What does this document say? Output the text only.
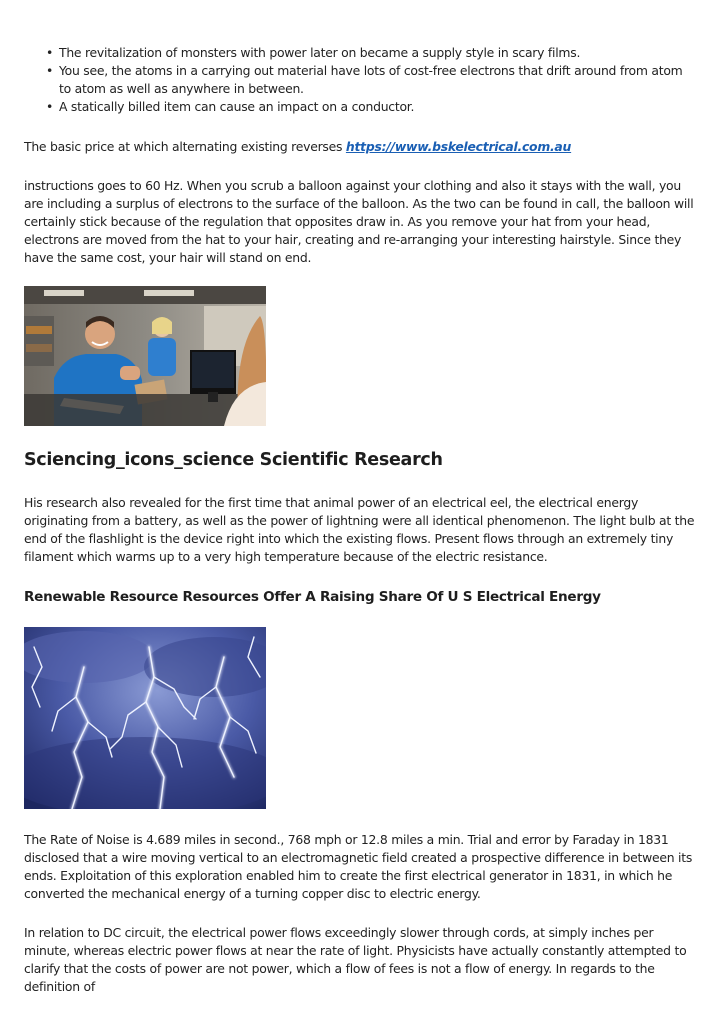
• The revitalization of monsters with power later on became a supply style in scary films.
• You see, the atoms in a carrying out material have lots of cost-free electrons that drift around from atom to atom as well as anywhere in between.
• A statically billed item can cause an impact on a conductor.

The basic price at which alternating existing reverses https://www.bskelectrical.com.au

instructions goes to 60 Hz. When you scrub a balloon against your clothing and also it stays with the wall, you are including a surplus of electrons to the surface of the balloon. As the two can be found in call, the balloon will certainly stick because of the regulation that opposites draw in. As you remove your hat from your head, electrons are moved from the hat to your hair, creating and re-arranging your interesting hairstyle. Since they have the same cost, your hair will stand on end.

Sciencing_icons_science Scientific Research

His research also revealed for the first time that animal power of an electrical eel, the electrical energy originating from a battery, as well as the power of lightning were all identical phenomenon. The light bulb at the end of the flashlight is the device right into which the existing flows. Present flows through an extremely tiny filament which warms up to a very high temperature because of the electric resistance.

Renewable Resource Resources Offer A Raising Share Of U S Electrical Energy

The Rate of Noise is 4.689 miles in second., 768 mph or 12.8 miles a min. Trial and error by Faraday in 1831 disclosed that a wire moving vertical to an electromagnetic field created a prospective difference in between its ends. Exploitation of this exploration enabled him to create the first electrical generator in 1831, in which he converted the mechanical energy of a turning copper disc to electric energy.

In relation to DC circuit, the electrical power flows exceedingly slower through cords, at simply inches per minute, whereas electric power flows at near the rate of light. Physicists have actually constantly attempted to clarify that the costs of power are not power, which a flow of fees is not a flow of energy. In regards to the definition of
